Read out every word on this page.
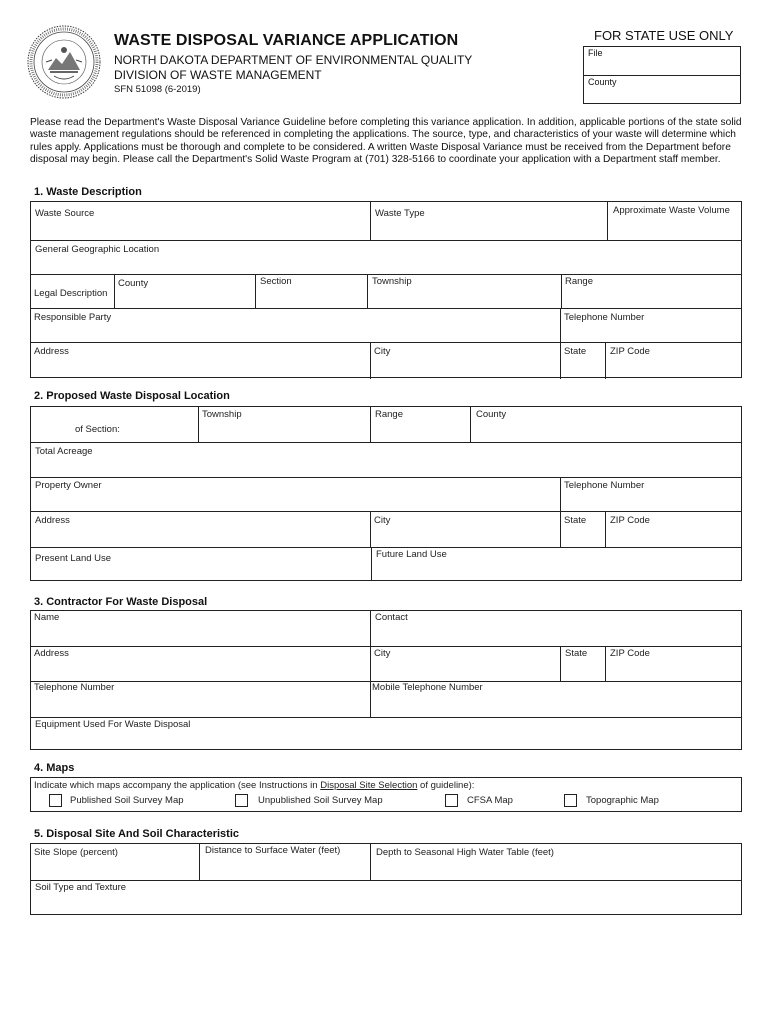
WASTE DISPOSAL VARIANCE APPLICATION
NORTH DAKOTA DEPARTMENT OF ENVIRONMENTAL QUALITY
DIVISION OF WASTE MANAGEMENT
SFN 51098 (6-2019)
FOR STATE USE ONLY
File
County
Please read the Department's Waste Disposal Variance Guideline before completing this variance application. In addition, applicable portions of the state solid waste management regulations should be referenced in completing the applications. The source, type, and characteristics of your waste will determine which rules apply. Applications must be thorough and complete to be considered. A written Waste Disposal Variance must be received from the Department before disposal may begin. Please call the Department's Solid Waste Program at (701) 328-5166 to coordinate your application with a Department staff member.
1. Waste Description
Waste Source	Waste Type	Approximate Waste Volume
General Geographic Location
Legal Description
County	Section	Township	Range
Responsible Party	Telephone Number
Address	City	State	ZIP Code
2. Proposed Waste Disposal Location
of Section:
Township	Range	County
Total Acreage
Property Owner	Telephone Number
Address	City	State	ZIP Code
Present Land Use	Future Land Use
3. Contractor For Waste Disposal
Name	Contact
Address	City	State ZIP Code
Telephone Number	Mobile Telephone Number
Equipment Used For Waste Disposal
4. Maps
Indicate which maps accompany the application (see Instructions in Disposal Site Selection of guideline):
Published Soil Survey Map	Unpublished Soil Survey Map	CFSA Map	Topographic Map
5. Disposal Site And Soil Characteristic
Site Slope (percent)	Distance to Surface Water (feet)	Depth to Seasonal High Water Table (feet)
Soil Type and Texture
